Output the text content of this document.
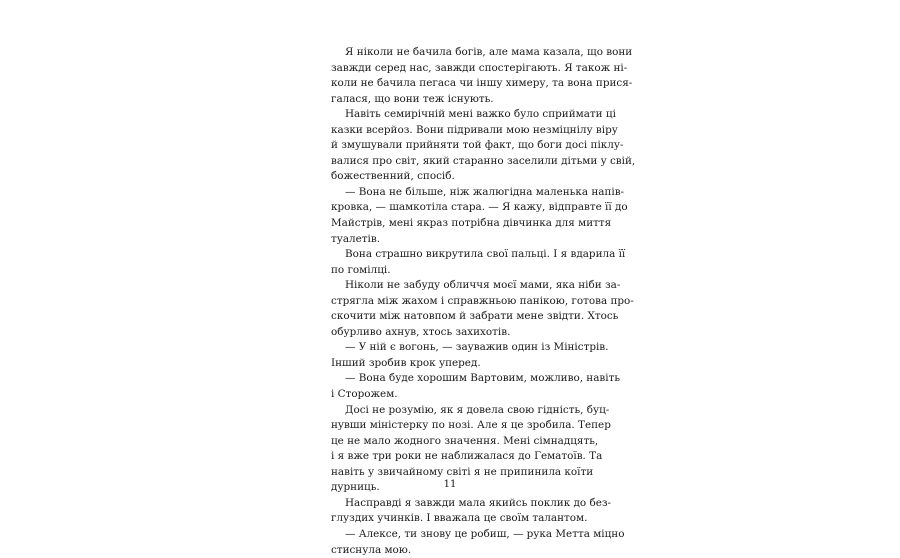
Я ніколи не бачила богів, але мама казала, що вони
завжди серед нас, завжди спостерігають. Я також ні-
коли не бачила пегаса чи іншу химеру, та вона прися-
галася, що вони теж існують.
Навіть семирічній мені важко було сприймати ці
казки всерйоз. Вони підривали мою незміцнілу віру
й змушували прийняти той факт, що боги досі піклу-
валися про світ, який старанно заселили дітьми у свій,
божественний, спосіб.
— Вона не більше, ніж жалюгідна маленька напів-
кровка, — шамкотіла стара. — Я кажу, відправте її до
Майстрів, мені якраз потрібна дівчинка для миття
туалетів.
Вона страшно викрутила свої пальці. І я вдарила її
по гомілці.
Ніколи не забуду обличчя моєї мами, яка ніби за-
стрягла між жахом і справжньою панікою, готова про-
скочити між натовпом й забрати мене звідти. Хтось
обурливо ахнув, хтось захихотів.
— У ній є вогонь, — зауважив один із Міністрів.
Інший зробив крок уперед.
— Вона буде хорошим Вартовим, можливо, навіть
і Сторожем.
Досі не розумію, як я довела свою гідність, буц-
нувши міністерку по нозі. Але я це зробила. Тепер
це не мало жодного значення. Мені сімнадцять,
і я вже три роки не наближалася до Гематоїв. Та
навіть у звичайному світі я не припинила коїти
дурниць.
Насправді я завжди мала якийсь поклик до без-
глуздих учинків. І вважала це своїм талантом.
— Алексе, ти знову це робиш, — рука Метта міцно
стиснула мою.
11
